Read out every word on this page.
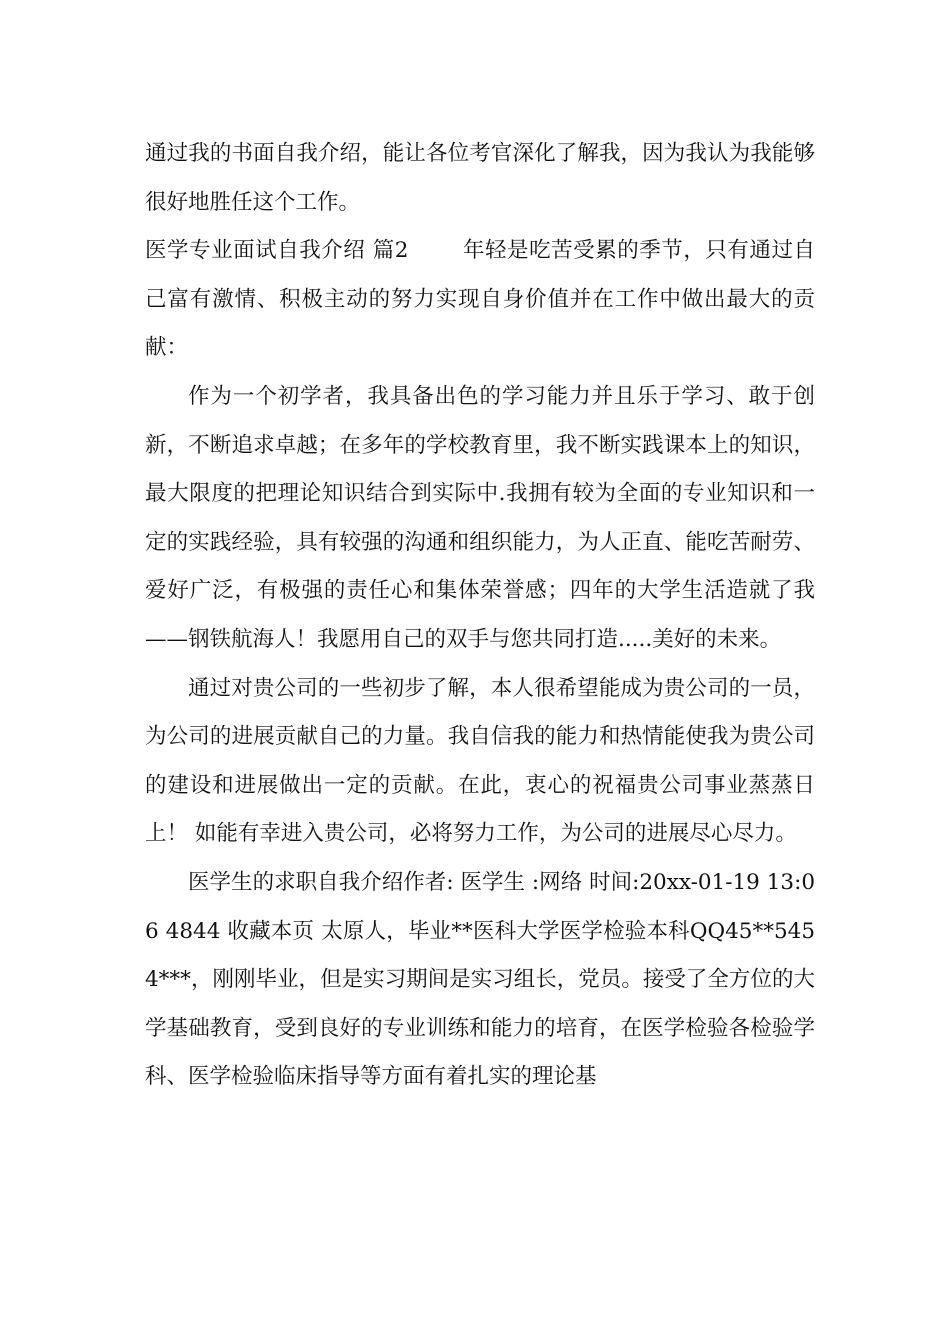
通过我的书面自我介绍，能让各位考官深化了解我，因为我认为我能够很好地胜任这个工作。

医学专业面试自我介绍 篇2	年轻是吃苦受累的季节，只有通过自己富有激情、积极主动的努力实现自身价值并在工作中做出最大的贡献：

作为一个初学者，我具备出色的学习能力并且乐于学习、敢于创新，不断追求卓越；在多年的学校教育里，我不断实践课本上的知识，最大限度的把理论知识结合到实际中.我拥有较为全面的专业知识和一定的实践经验，具有较强的沟通和组织能力，为人正直、能吃苦耐劳、爱好广泛，有极强的责任心和集体荣誉感；四年的大学生活造就了我——钢铁航海人！我愿用自己的双手与您共同打造.....美好的未来。

通过对贵公司的一些初步了解，本人很希望能成为贵公司的一员，为公司的进展贡献自己的力量。我自信我的能力和热情能使我为贵公司的建设和进展做出一定的贡献。在此，衷心的祝福贵公司事业蒸蒸日上！ 如能有幸进入贵公司，必将努力工作，为公司的进展尽心尽力。

医学生的求职自我介绍作者: 医学生 :网络 时间:20xx-01-19 13:06 4844 收藏本页 太原人，毕业**医科大学医学检验本科QQ45**5454***，刚刚毕业，但是实习期间是实习组长，党员。接受了全方位的大学基础教育，受到良好的专业训练和能力的培育，在医学检验各检验学科、医学检验临床指导等方面有着扎实的理论基
